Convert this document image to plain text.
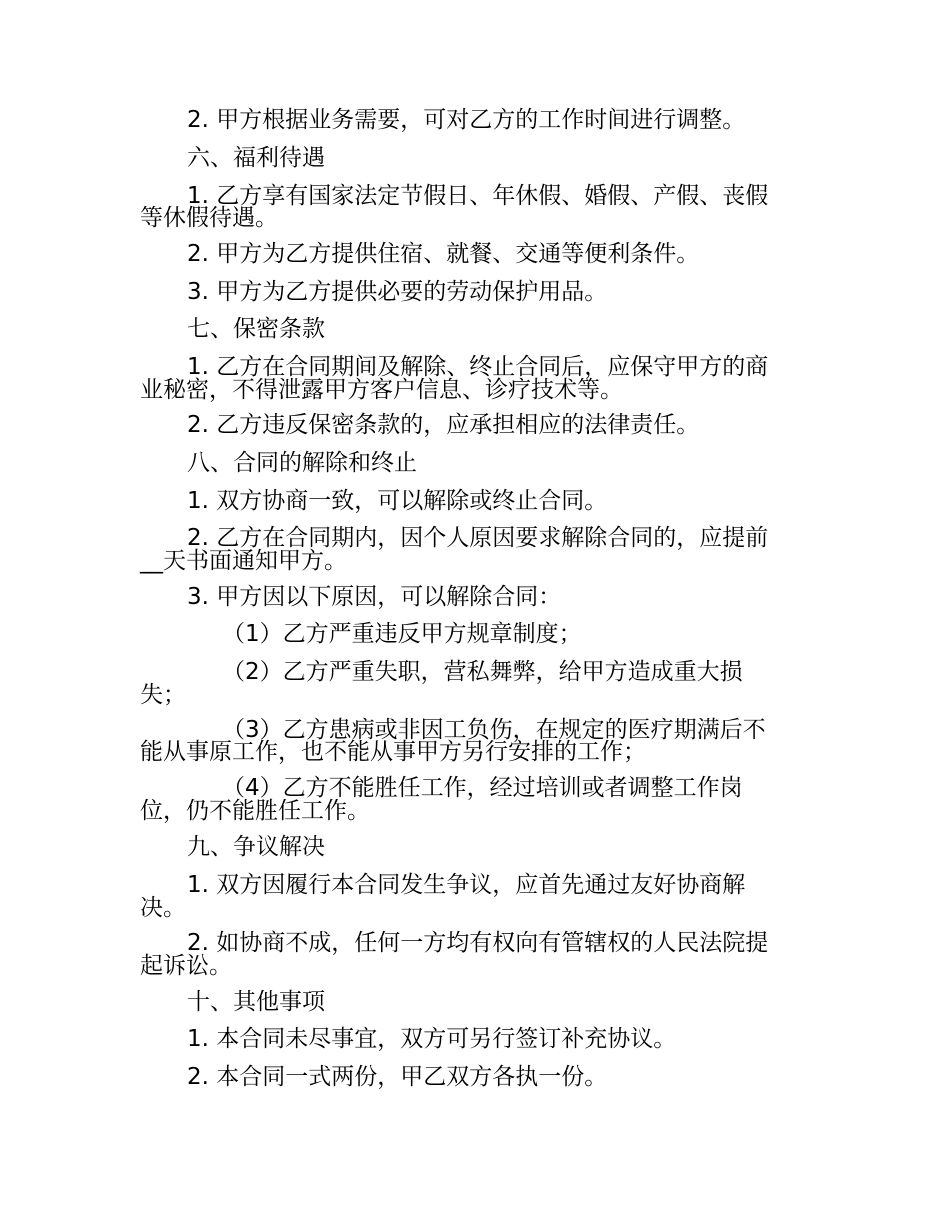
2. 甲方根据业务需要，可对乙方的工作时间进行调整。
六、福利待遇
1. 乙方享有国家法定节假日、年休假、婚假、产假、丧假
等休假待遇。
2. 甲方为乙方提供住宿、就餐、交通等便利条件。
3. 甲方为乙方提供必要的劳动保护用品。
七、保密条款
1. 乙方在合同期间及解除、终止合同后，应保守甲方的商
业秘密，不得泄露甲方客户信息、诊疗技术等。
2. 乙方违反保密条款的，应承担相应的法律责任。
八、合同的解除和终止
1. 双方协商一致，可以解除或终止合同。
2. 乙方在合同期内，因个人原因要求解除合同的，应提前
__天书面通知甲方。
3. 甲方因以下原因，可以解除合同：
（1）乙方严重违反甲方规章制度；
（2）乙方严重失职，营私舞弊，给甲方造成重大损
失；
（3）乙方患病或非因工负伤，在规定的医疗期满后不
能从事原工作，也不能从事甲方另行安排的工作；
（4）乙方不能胜任工作，经过培训或者调整工作岗
位，仍不能胜任工作。
九、争议解决
1. 双方因履行本合同发生争议，应首先通过友好协商解
决。
2. 如协商不成，任何一方均有权向有管辖权的人民法院提
起诉讼。
十、其他事项
1. 本合同未尽事宜，双方可另行签订补充协议。
2. 本合同一式两份，甲乙双方各执一份。
